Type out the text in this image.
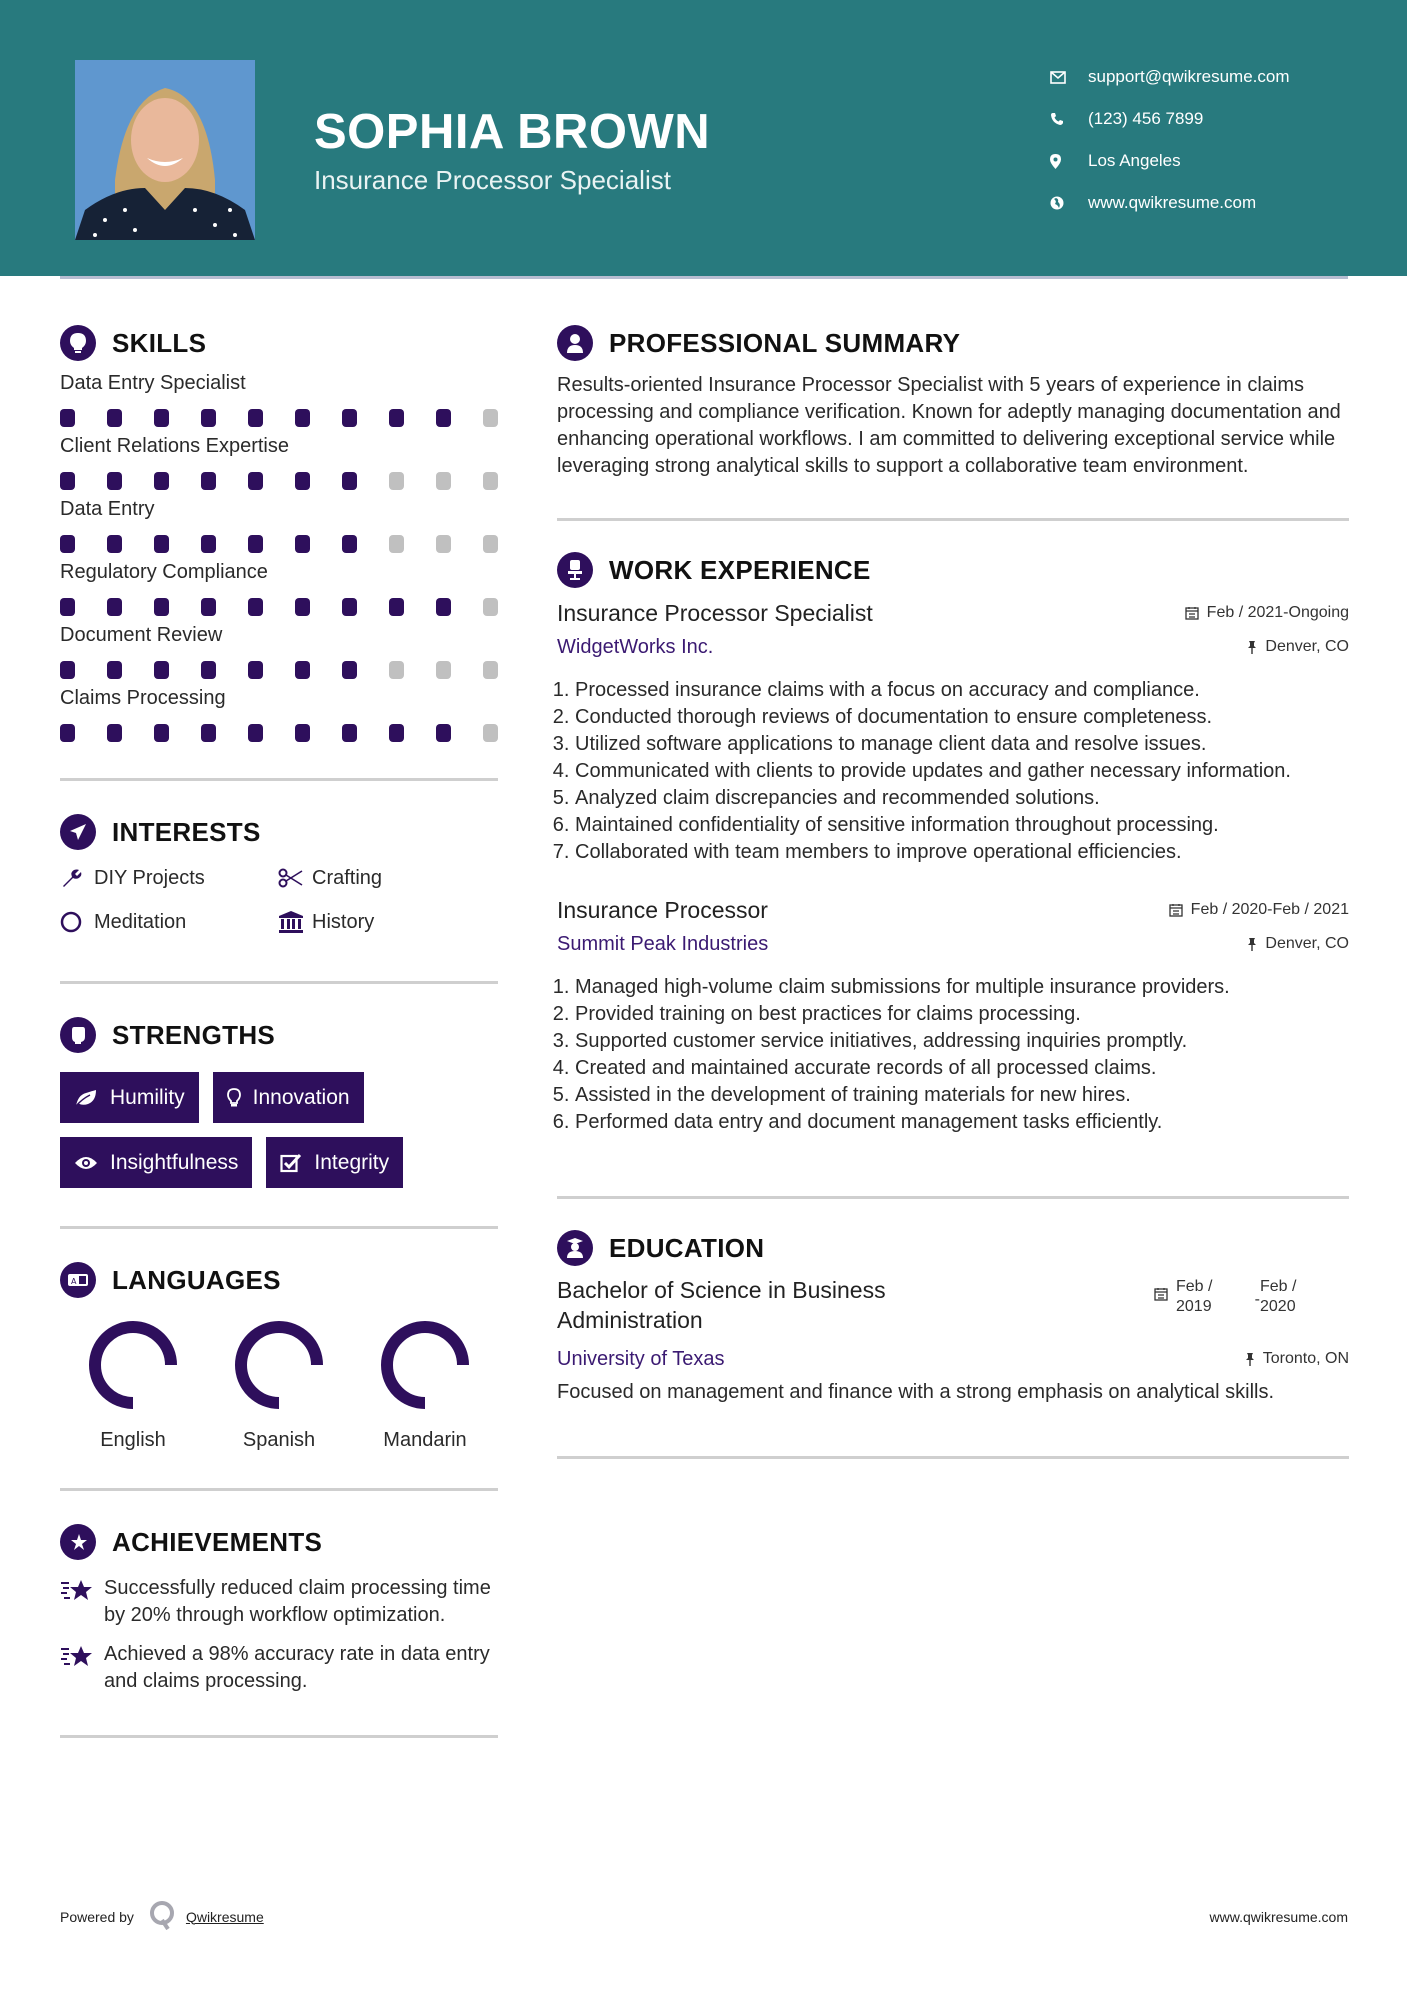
SOPHIA BROWN
Insurance Processor Specialist
support@qwikresume.com
(123) 456 7899
Los Angeles
www.qwikresume.com
SKILLS
Data Entry Specialist
Client Relations Expertise
Data Entry
Regulatory Compliance
Document Review
Claims Processing
INTERESTS
DIY Projects	Crafting
Meditation	History
STRENGTHS
Humility	Innovation
Insightfulness	Integrity
A LANGUAGES
English	Spanish	Mandarin
ACHIEVEMENTS
Successfully reduced claim processing time by 20% through workflow optimization.
Achieved a 98% accuracy rate in data entry and claims processing.
PROFESSIONAL SUMMARY

Results-oriented Insurance Processor Specialist with 5 years of experience in claims processing and compliance verification. Known for adeptly managing documentation and enhancing operational workflows. I am committed to delivering exceptional service while leveraging strong analytical skills to support a collaborative team environment.

WORK EXPERIENCE
Insurance Processor Specialist	Feb / 2021-Ongoing
WidgetWorks Inc.	Denver, CO
1. Processed insurance claims with a focus on accuracy and compliance.
2. Conducted thorough reviews of documentation to ensure completeness.
3. Utilized software applications to manage client data and resolve issues.
4. Communicated with clients to provide updates and gather necessary information.
5. Analyzed claim discrepancies and recommended solutions.
6. Maintained confidentiality of sensitive information throughout processing.
7. Collaborated with team members to improve operational efficiencies.
Insurance Processor	Feb / 2020-Feb / 2021
Summit Peak Industries	Denver, CO
1. Managed high-volume claim submissions for multiple insurance providers.
2. Provided training on best practices for claims processing.
3. Supported customer service initiatives, addressing inquiries promptly.
4. Created and maintained accurate records of all processed claims.
5. Assisted in the development of training materials for new hires.
6. Performed data entry and document management tasks efficiently.
EDUCATION
Bachelor of Science in Business Administration
Feb / 2019	-
Feb / 2020
University of Texas	Toronto, ON

Focused on management and finance with a strong emphasis on analytical skills.

Powered by	Qwikresume	www.qwikresume.com
